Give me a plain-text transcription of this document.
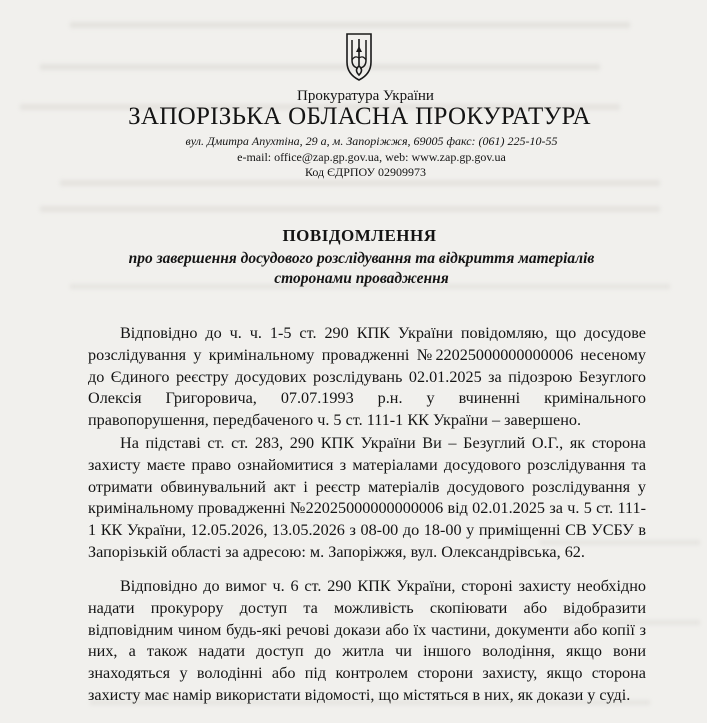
Прокуратура України
ЗАПОРІЗЬКА ОБЛАСНА ПРОКУРАТУРА
вул. Дмитра Апухтіна, 29 а, м. Запоріжжя, 69005 факс: (061) 225-10-55
e-mail: office@zap.gp.gov.ua, web: www.zap.gp.gov.ua
Код ЄДРПОУ 02909973
ПОВІДОМЛЕННЯ
про завершення досудового розслідування та відкриття матеріалів
сторонами провадження

Відповідно до ч. ч. 1-5 ст. 290 КПК України повідомляю, що досудове розслідування у кримінальному провадженні №22025000000000006 несеному до Єдиного реєстру досудових розслідувань 02.01.2025 за підозрою Безуглого Олексія Григоровича, 07.07.1993 р.н. у вчиненні кримінального правопорушення, передбаченого ч. 5 ст. 111-1 КК України – завершено.

На підставі ст. ст. 283, 290 КПК України Ви – Безуглий О.Г., як сторона захисту маєте право ознайомитися з матеріалами досудового розслідування та отримати обвинувальний акт і реєстр матеріалів досудового розслідування у кримінальному провадженні №22025000000000006 від 02.01.2025 за ч. 5 ст. 111-1 КК України, 12.05.2026, 13.05.2026 з 08-00 до 18-00 у приміщенні СВ УСБУ в Запорізькій області за адресою: м. Запоріжжя, вул. Олександрівська, 62.

Відповідно до вимог ч. 6 ст. 290 КПК України, стороні захисту необхідно надати прокурору доступ та можливість скопіювати або відобразити відповідним чином будь-які речові докази або їх частини, документи або копії з них, а також надати доступ до житла чи іншого володіння, якщо вони знаходяться у володінні або під контролем сторони захисту, якщо сторона захисту має намір використати відомості, що містяться в них, як докази у суді.
